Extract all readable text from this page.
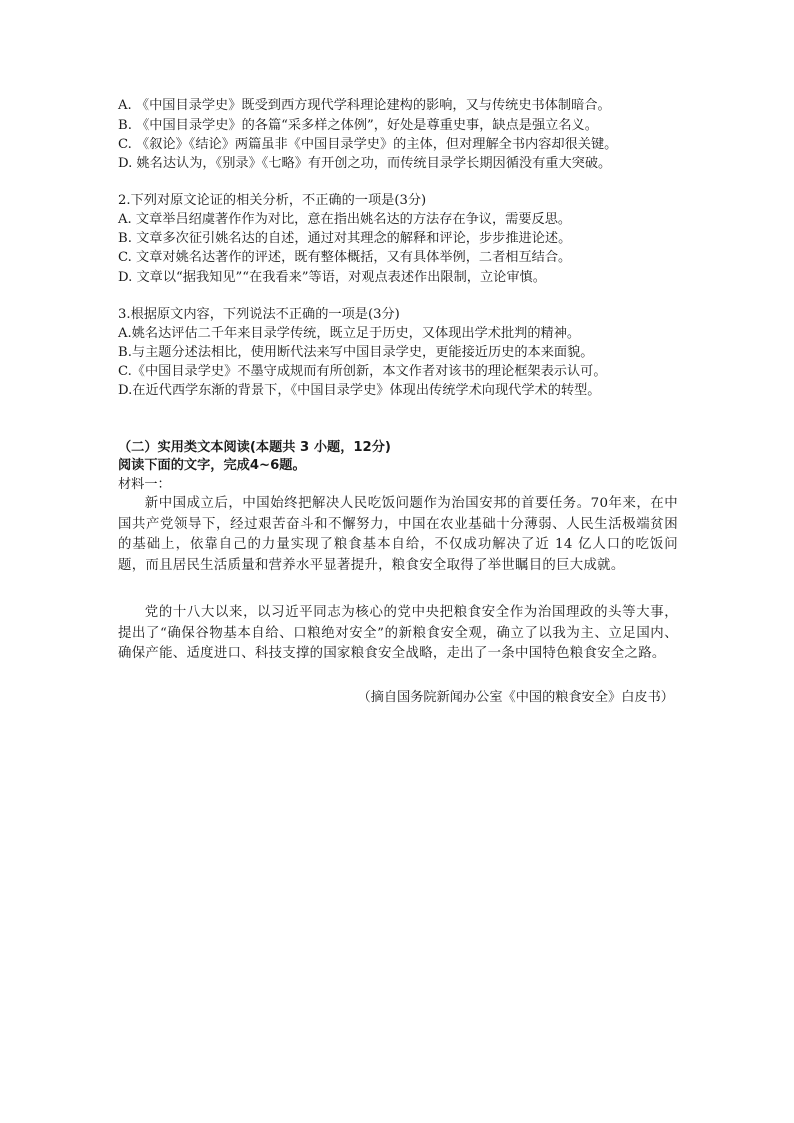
A. 《中国目录学史》既受到西方现代学科理论建构的影响，又与传统史书体制暗合。
B. 《中国目录学史》的各篇“采多样之体例”，好处是尊重史事，缺点是强立名义。
C. 《叙论》《结论》两篇虽非《中国目录学史》的主体，但对理解全书内容却很关键。
D. 姚名达认为，《别录》《七略》有开创之功，而传统目录学长期因循没有重大突破。
2.下列对原文论证的相关分析，不正确的一项是(3分)
A. 文章举吕绍虞著作作为对比，意在指出姚名达的方法存在争议，需要反思。
B. 文章多次征引姚名达的自述，通过对其理念的解释和评论，步步推进论述。
C. 文章对姚名达著作的评述，既有整体概括，又有具体举例，二者相互结合。
D. 文章以“据我知见”“在我看来”等语，对观点表述作出限制，立论审慎。
3.根据原文内容，下列说法不正确的一项是(3分)
A.姚名达评估二千年来目录学传统，既立足于历史，又体现出学术批判的精神。
B.与主题分述法相比，使用断代法来写中国目录学史，更能接近历史的本来面貌。
C.《中国目录学史》不墨守成规而有所创新，本文作者对该书的理论框架表示认可。
D.在近代西学东渐的背景下，《中国目录学史》体现出传统学术向现代学术的转型。
（二）实用类文本阅读(本题共 3 小题，12分)
阅读下面的文字，完成4~6题。
材料一：

新中国成立后，中国始终把解决人民吃饭问题作为治国安邦的首要任务。70年来，在中国共产党领导下，经过艰苦奋斗和不懈努力，中国在农业基础十分薄弱、人民生活极端贫困的基础上，依靠自己的力量实现了粮食基本自给，不仅成功解决了近 14 亿人口的吃饭问题，而且居民生活质量和营养水平显著提升，粮食安全取得了举世瞩目的巨大成就。

党的十八大以来，以习近平同志为核心的党中央把粮食安全作为治国理政的头等大事，提出了“确保谷物基本自给、口粮绝对安全”的新粮食安全观，确立了以我为主、立足国内、确保产能、适度进口、科技支撑的国家粮食安全战略，走出了一条中国特色粮食安全之路。

（摘自国务院新闻办公室《中国的粮食安全》白皮书）
